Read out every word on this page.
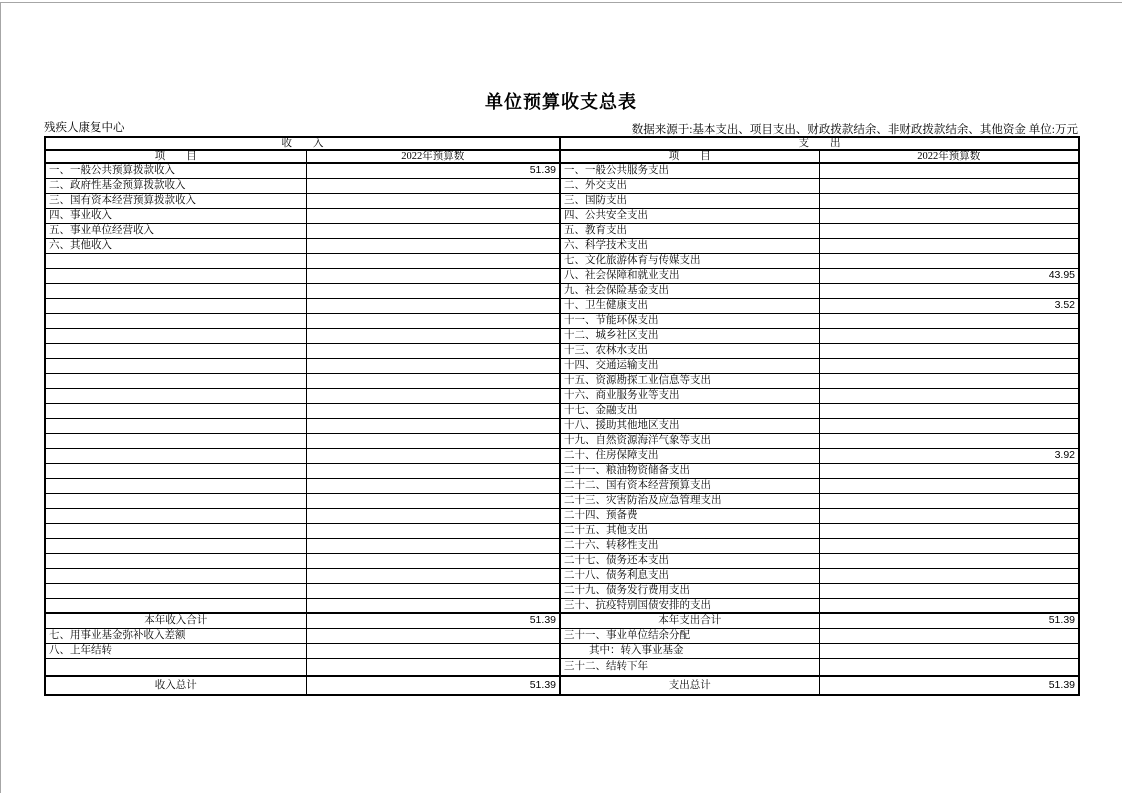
单位预算收支总表
残疾人康复中心	数据来源于:基本支出、项目支出、财政拨款结余、非财政拨款结余、其他资金 单位:万元
收　　入		支　　出	
项　　目	2022年预算数	项　　目	2022年预算数
一、一般公共预算拨款收入	51.39	一、一般公共服务支出	
二、政府性基金预算拨款收入		二、外交支出	
三、国有资本经营预算拨款收入		三、国防支出	
四、事业收入		四、公共安全支出	
五、事业单位经营收入		五、教育支出	
六、其他收入		六、科学技术支出	
		七、文化旅游体育与传媒支出	
		八、社会保障和就业支出	43.95
		九、社会保险基金支出	
		十、卫生健康支出	3.52
		十一、节能环保支出	
		十二、城乡社区支出	
		十三、农林水支出	
		十四、交通运输支出	
		十五、资源勘探工业信息等支出	
		十六、商业服务业等支出	
		十七、金融支出	
		十八、援助其他地区支出	
		十九、自然资源海洋气象等支出	
		二十、住房保障支出	3.92
		二十一、粮油物资储备支出	
		二十二、国有资本经营预算支出	
		二十三、灾害防治及应急管理支出	
		二十四、预备费	
		二十五、其他支出	
		二十六、转移性支出	
		二十七、债务还本支出	
		二十八、债务利息支出	
		二十九、债务发行费用支出	
		三十、抗疫特别国债安排的支出	
本年收入合计	51.39	本年支出合计	51.39
七、用事业基金弥补收入差额		三十一、事业单位结余分配	
八、上年结转		其中：转入事业基金	
		三十二、结转下年	
收入总计	51.39	支出总计	51.39
